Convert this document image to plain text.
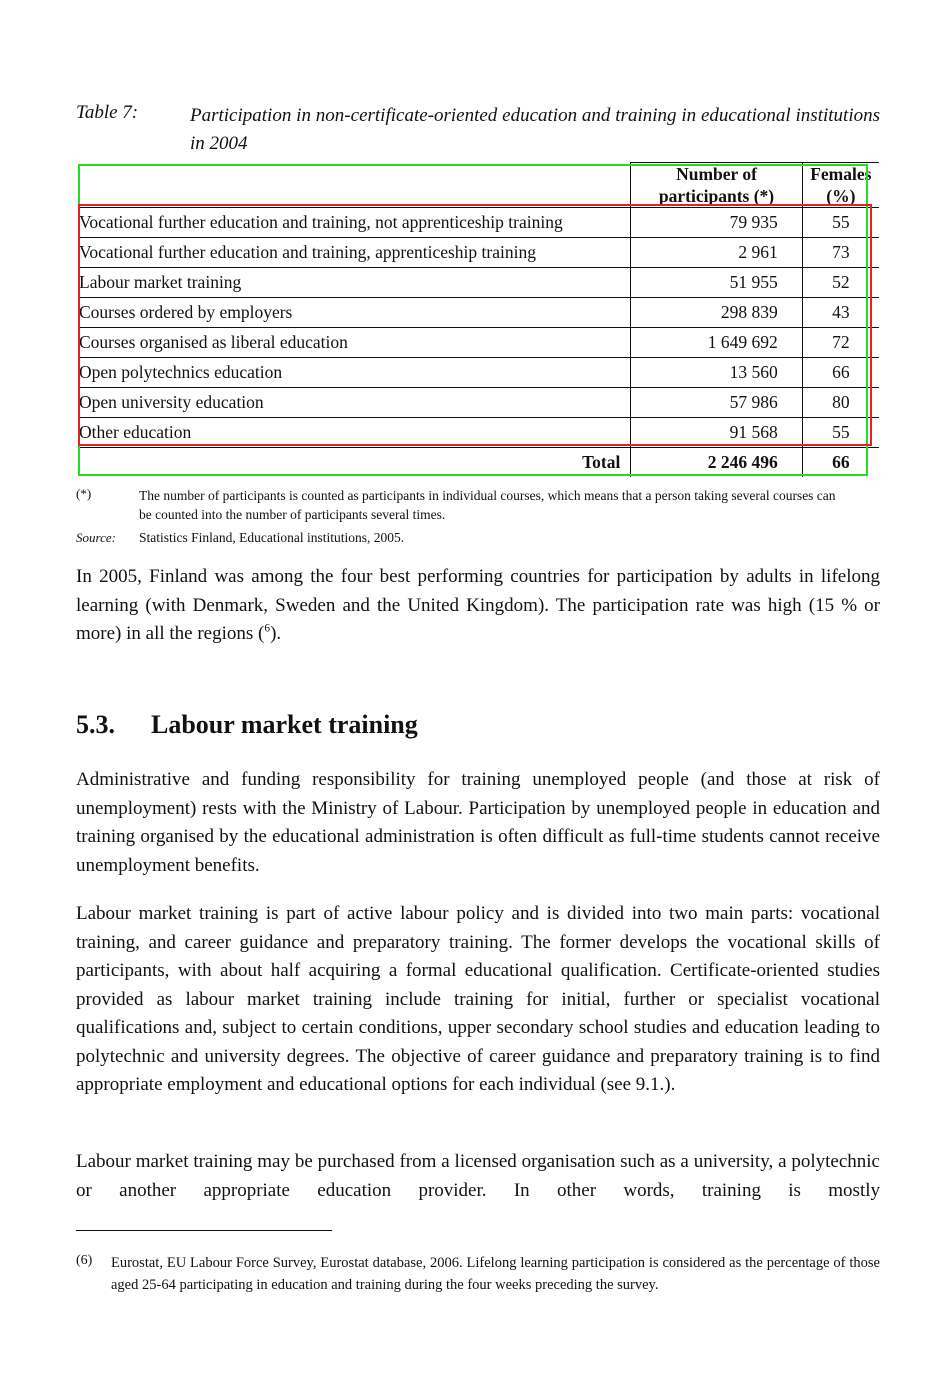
Table 7:	Participation in non-certificate-oriented education and training in educational institutions in 2004
	Number of participants (*)	Females (%)
Vocational further education and training, not apprenticeship training	79 935	55
Vocational further education and training, apprenticeship training	2 961	73
Labour market training	51 955	52
Courses ordered by employers	298 839	43
Courses organised as liberal education	1 649 692	72
Open polytechnics education	13 560	66
Open university education	57 986	80
Other education	91 568	55
Total	2 246 496	66
(*)	The number of participants is counted as participants in individual courses, which means that a person taking several courses can be counted into the number of participants several times.
Source: Statistics Finland, Educational institutions, 2005.
In 2005, Finland was among the four best performing countries for participation by adults in lifelong learning (with Denmark, Sweden and the United Kingdom). The participation rate was high (15 % or more) in all the regions ($^6$).
5.3. Labour market training
Administrative and funding responsibility for training unemployed people (and those at risk of unemployment) rests with the Ministry of Labour. Participation by unemployed people in education and training organised by the educational administration is often difficult as full-time students cannot receive unemployment benefits.
Labour market training is part of active labour policy and is divided into two main parts: vocational training, and career guidance and preparatory training. The former develops the vocational skills of participants, with about half acquiring a formal educational qualification. Certificate-oriented studies provided as labour market training include training for initial, further or specialist vocational qualifications and, subject to certain conditions, upper secondary school studies and education leading to polytechnic and university degrees. The objective of career guidance and preparatory training is to find appropriate employment and educational options for each individual (see 9.1.).
Labour market training may be purchased from a licensed organisation such as a university, a polytechnic or another appropriate education provider. In other words, training is mostly
(6) Eurostat, EU Labour Force Survey, Eurostat database, 2006. Lifelong learning participation is considered as the percentage of those aged 25-64 participating in education and training during the four weeks preceding the survey.
